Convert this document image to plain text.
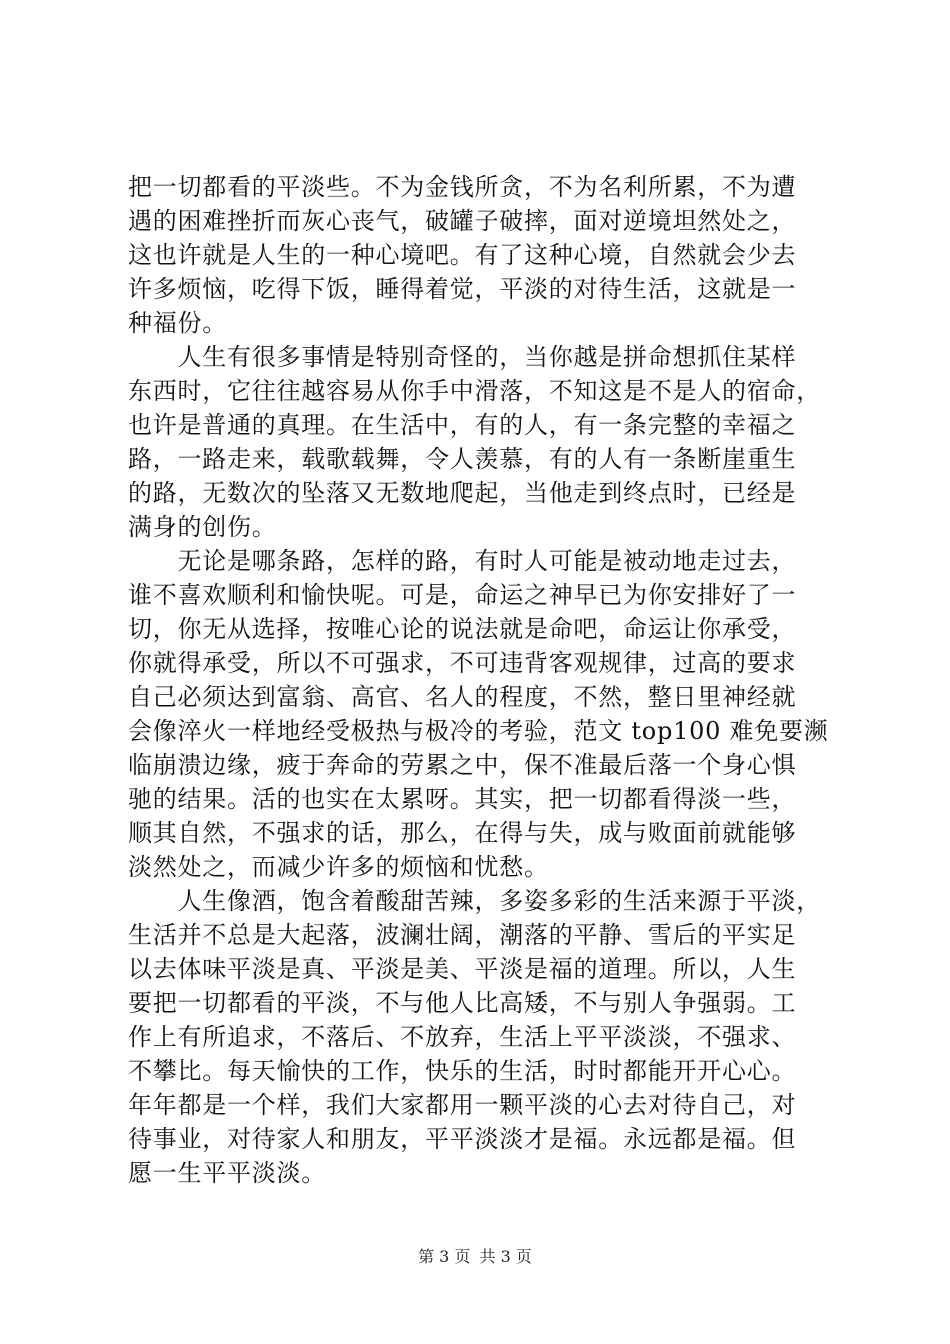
把一切都看的平淡些。不为金钱所贪，不为名利所累，不为遭
遇的困难挫折而灰心丧气，破罐子破摔，面对逆境坦然处之，
这也许就是人生的一种心境吧。有了这种心境，自然就会少去
许多烦恼，吃得下饭，睡得着觉，平淡的对待生活，这就是一
种福份。
　　人生有很多事情是特别奇怪的，当你越是拼命想抓住某样
东西时，它往往越容易从你手中滑落，不知这是不是人的宿命，
也许是普通的真理。在生活中，有的人，有一条完整的幸福之
路，一路走来，载歌载舞，令人羡慕，有的人有一条断崖重生
的路，无数次的坠落又无数地爬起，当他走到终点时，已经是
满身的创伤。
　　无论是哪条路，怎样的路，有时人可能是被动地走过去，
谁不喜欢顺利和愉快呢。可是，命运之神早已为你安排好了一
切，你无从选择，按唯心论的说法就是命吧，命运让你承受，
你就得承受，所以不可强求，不可违背客观规律，过高的要求
自己必须达到富翁、高官、名人的程度，不然，整日里神经就
会像淬火一样地经受极热与极冷的考验，范文 top100 难免要濒
临崩溃边缘，疲于奔命的劳累之中，保不准最后落一个身心惧
驰的结果。活的也实在太累呀。其实，把一切都看得淡一些，
顺其自然，不强求的话，那么，在得与失，成与败面前就能够
淡然处之，而减少许多的烦恼和忧愁。
　　人生像酒，饱含着酸甜苦辣，多姿多彩的生活来源于平淡，
生活并不总是大起落，波澜壮阔，潮落的平静、雪后的平实足
以去体味平淡是真、平淡是美、平淡是福的道理。所以，人生
要把一切都看的平淡，不与他人比高矮，不与别人争强弱。工
作上有所追求，不落后、不放弃，生活上平平淡淡，不强求、
不攀比。每天愉快的工作，快乐的生活，时时都能开开心心。
年年都是一个样，我们大家都用一颗平淡的心去对待自己，对
待事业，对待家人和朋友，平平淡淡才是福。永远都是福。但
愿一生平平淡淡。
第 3 页 共 3 页
